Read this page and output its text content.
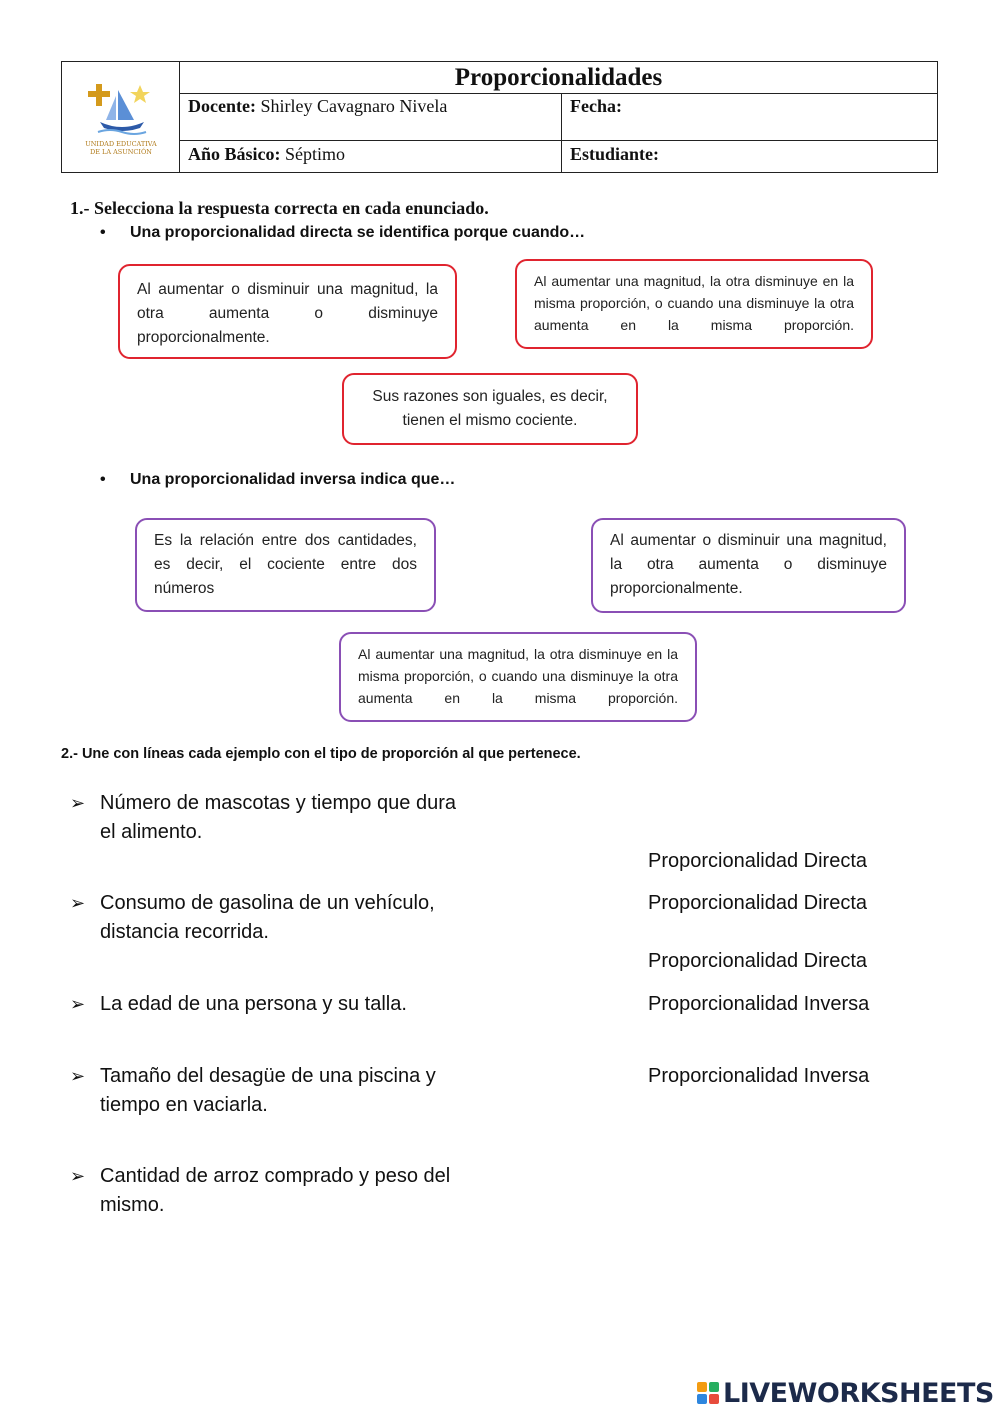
UNIDAD EDUCATIVA
DE LA ASUNCIÓN
Proporcionalidades
Docente: Shirley Cavagnaro Nivela	Fecha:
Año Básico: Séptimo	Estudiante:
1.- Selecciona la respuesta correcta en cada enunciado.
• Una proporcionalidad directa se identifica porque cuando…
Al aumentar o disminuir una magnitud, la otra aumenta o disminuye proporcionalmente.
Al aumentar una magnitud, la otra disminuye en la misma proporción, o cuando una disminuye la otra aumenta en la misma proporción.
Sus razones son iguales, es decir, tienen el mismo cociente.
• Una proporcionalidad inversa indica que…
Es la relación entre dos cantidades, es decir, el cociente entre dos números
Al aumentar o disminuir una magnitud, la otra aumenta o disminuye proporcionalmente.
Al aumentar una magnitud, la otra disminuye en la misma proporción, o cuando una disminuye la otra aumenta en la misma proporción.
2.- Une con líneas cada ejemplo con el tipo de proporción al que pertenece.
➢ Número de mascotas y tiempo que dura el alimento.
➢ Consumo de gasolina de un vehículo, distancia recorrida.
➢ La edad de una persona y su talla.
➢ Tamaño del desagüe de una piscina y tiempo en vaciarla.
➢ Cantidad de arroz comprado y peso del mismo.
Proporcionalidad Directa
Proporcionalidad Directa
Proporcionalidad Directa
Proporcionalidad Inversa
Proporcionalidad Inversa
LIVEWORKSHEETS
